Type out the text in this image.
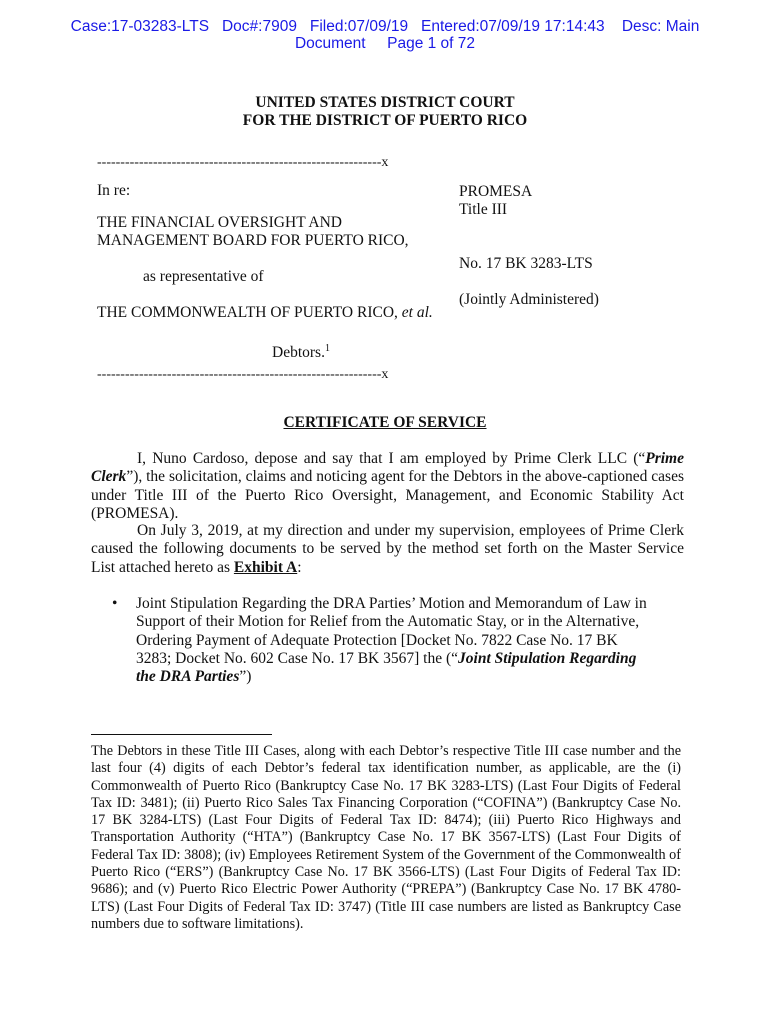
Case:17-03283-LTS   Doc#:7909   Filed:07/09/19   Entered:07/09/19 17:14:43    Desc: Main
Document     Page 1 of 72
UNITED STATES DISTRICT COURT
FOR THE DISTRICT OF PUERTO RICO
-------------------------------------------------------------x
In re:
THE FINANCIAL OVERSIGHT AND
MANAGEMENT BOARD FOR PUERTO RICO,
as representative of
THE COMMONWEALTH OF PUERTO RICO, et al.
Debtors.$^1$
-------------------------------------------------------------x
PROMESA
Title III
No. 17 BK 3283-LTS
(Jointly Administered)
CERTIFICATE OF SERVICE
I, Nuno Cardoso, depose and say that I am employed by Prime Clerk LLC (“Prime Clerk”), the solicitation, claims and noticing agent for the Debtors in the above-captioned cases under Title III of the Puerto Rico Oversight, Management, and Economic Stability Act (PROMESA).
On July 3, 2019, at my direction and under my supervision, employees of Prime Clerk caused the following documents to be served by the method set forth on the Master Service List attached hereto as Exhibit A:
• Joint Stipulation Regarding the DRA Parties’ Motion and Memorandum of Law in Support of their Motion for Relief from the Automatic Stay, or in the Alternative, Ordering Payment of Adequate Protection [Docket No. 7822 Case No. 17 BK 3283; Docket No. 602 Case No. 17 BK 3567] the (“Joint Stipulation Regarding the DRA Parties”)
The Debtors in these Title III Cases, along with each Debtor’s respective Title III case number and the last four (4) digits of each Debtor’s federal tax identification number, as applicable, are the (i) Commonwealth of Puerto Rico (Bankruptcy Case No. 17 BK 3283-LTS) (Last Four Digits of Federal Tax ID: 3481); (ii) Puerto Rico Sales Tax Financing Corporation (“COFINA”) (Bankruptcy Case No. 17 BK 3284-LTS) (Last Four Digits of Federal Tax ID: 8474); (iii) Puerto Rico Highways and Transportation Authority (“HTA”) (Bankruptcy Case No. 17 BK 3567-LTS) (Last Four Digits of Federal Tax ID: 3808); (iv) Employees Retirement System of the Government of the Commonwealth of Puerto Rico (“ERS”) (Bankruptcy Case No. 17 BK 3566-LTS) (Last Four Digits of Federal Tax ID: 9686); and (v) Puerto Rico Electric Power Authority (“PREPA”) (Bankruptcy Case No. 17 BK 4780-LTS) (Last Four Digits of Federal Tax ID: 3747) (Title III case numbers are listed as Bankruptcy Case numbers due to software limitations).
